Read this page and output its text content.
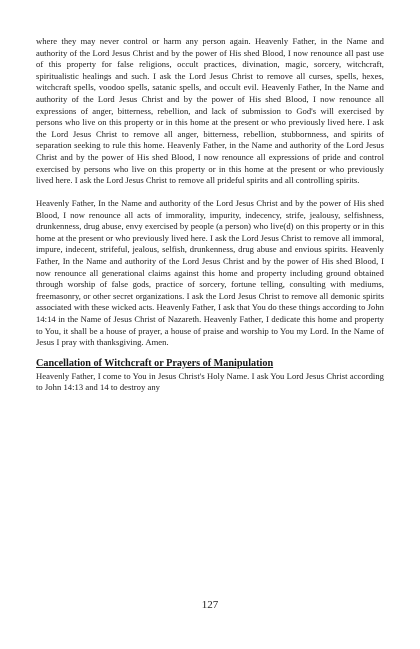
where they may never control or harm any person again. Heavenly Father, in the Name and authority of the Lord Jesus Christ and by the power of His shed Blood, I now renounce all past use of this property for false religions, occult practices, divination, magic, sorcery, witchcraft, spiritualistic healings and such. I ask the Lord Jesus Christ to remove all curses, spells, hexes, witchcraft spells, voodoo spells, satanic spells, and occult evil. Heavenly Father, In the Name and authority of the Lord Jesus Christ and by the power of His shed Blood, I now renounce all expressions of anger, bitterness, rebellion, and lack of submission to God's will exercised by persons who live on this property or in this home at the present or who previously lived here. I ask the Lord Jesus Christ to remove all anger, bitterness, rebellion, stubbornness, and spirits of separation seeking to rule this home. Heavenly Father, in the Name and authority of the Lord Jesus Christ and by the power of His shed Blood, I now renounce all expressions of pride and control exercised by persons who live on this property or in this home at the present or who previously lived here. I ask the Lord Jesus Christ to remove all prideful spirits and all controlling spirits.

Heavenly Father, In the Name and authority of the Lord Jesus Christ and by the power of His shed Blood, I now renounce all acts of immorality, impurity, indecency, strife, jealousy, selfishness, drunkenness, drug abuse, envy exercised by people (a person) who live(d) on this property or in this home at the present or who previously lived here. I ask the Lord Jesus Christ to remove all immoral, impure, indecent, strifeful, jealous, selfish, drunkenness, drug abuse and envious spirits. Heavenly Father, In the Name and authority of the Lord Jesus Christ and by the power of His shed Blood, I now renounce all generational claims against this home and property including ground obtained through worship of false gods, practice of sorcery, fortune telling, consulting with mediums, freemasonry, or other secret organizations. I ask the Lord Jesus Christ to remove all demonic spirits associated with these wicked acts. Heavenly Father, I ask that You do these things according to John 14:14 in the Name of Jesus Christ of Nazareth. Heavenly Father, I dedicate this home and property to You, it shall be a house of prayer, a house of praise and worship to You my Lord. In the Name of Jesus I pray with thanksgiving. Amen.

Cancellation of Witchcraft or Prayers of Manipulation

Heavenly Father, I come to You in Jesus Christ's Holy Name. I ask You Lord Jesus Christ according to John 14:13 and 14 to destroy any

127
